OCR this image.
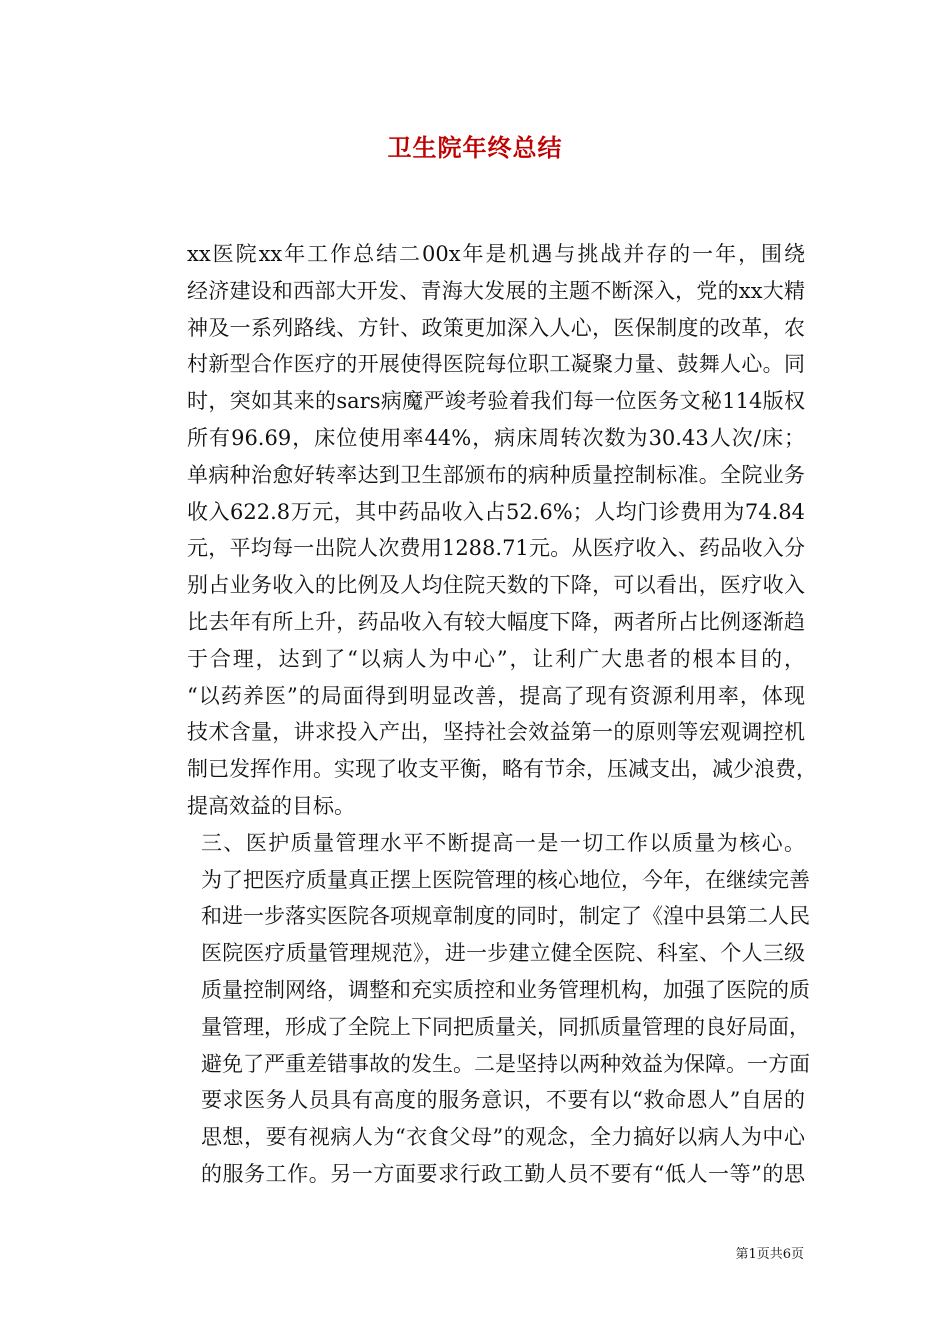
卫生院年终总结
xx医院xx年工作总结二00x年是机遇与挑战并存的一年，围绕
经济建设和西部大开发、青海大发展的主题不断深入，党的xx大精
神及一系列路线、方针、政策更加深入人心，医保制度的改革，农
村新型合作医疗的开展使得医院每位职工凝聚力量、鼓舞人心。同
时，突如其来的sars病魔严竣考验着我们每一位医务文秘114版权
所有96.69，床位使用率44%，病床周转次数为30.43人次/床；
单病种治愈好转率达到卫生部颁布的病种质量控制标准。全院业务
收入622.8万元，其中药品收入占52.6%；人均门诊费用为74.84
元，平均每一出院人次费用1288.71元。从医疗收入、药品收入分
别占业务收入的比例及人均住院天数的下降，可以看出，医疗收入
比去年有所上升，药品收入有较大幅度下降，两者所占比例逐渐趋
于合理，达到了“以病人为中心”，让利广大患者的根本目的，
“以药养医”的局面得到明显改善，提高了现有资源利用率，体现
技术含量，讲求投入产出，坚持社会效益第一的原则等宏观调控机
制已发挥作用。实现了收支平衡，略有节余，压减支出，减少浪费，
提高效益的目标。
三、医护质量管理水平不断提高一是一切工作以质量为核心。
为了把医疗质量真正摆上医院管理的核心地位，今年，在继续完善
和进一步落实医院各项规章制度的同时，制定了《湟中县第二人民
医院医疗质量管理规范》，进一步建立健全医院、科室、个人三级
质量控制网络，调整和充实质控和业务管理机构，加强了医院的质
量管理，形成了全院上下同把质量关，同抓质量管理的良好局面，
避免了严重差错事故的发生。二是坚持以两种效益为保障。一方面
要求医务人员具有高度的服务意识，不要有以“救命恩人”自居的
思想，要有视病人为“衣食父母”的观念，全力搞好以病人为中心
的服务工作。另一方面要求行政工勤人员不要有“低人一等”的思
第1页共6页
